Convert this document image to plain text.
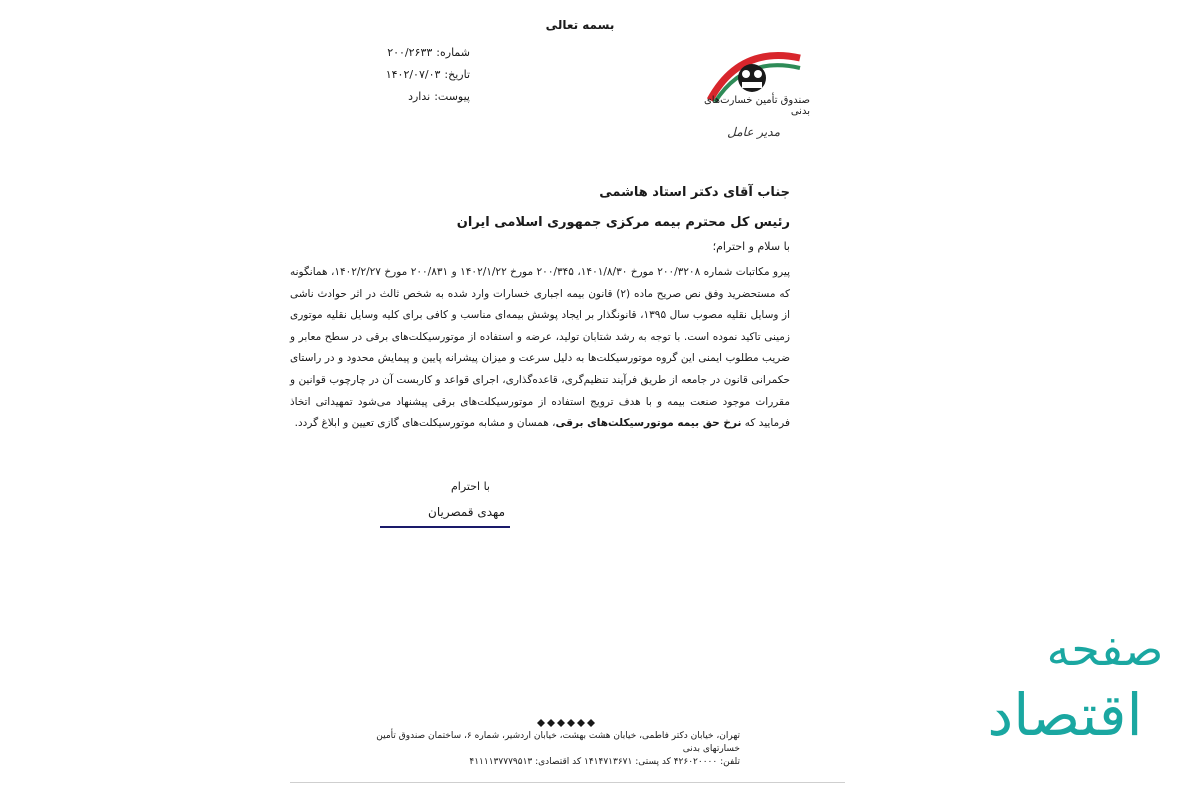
بسمه تعالی
شماره:
۲۰۰/۲۶۳۳
تاریخ:
۱۴۰۲/۰۷/۰۳
پیوست:
ندارد	صندوق تأمین خسارت‌های بدنی
مدیر عامل
جناب آقای دکتر استاد هاشمی
رئیس کل محترم بیمه مرکزی جمهوری اسلامی ایران
با سلام و احترام؛
پیرو مکاتبات شماره ۲۰۰/۳۲۰۸ مورخ ۱۴۰۱/۸/۳۰، ۲۰۰/۳۴۵ مورخ ۱۴۰۲/۱/۲۲ و ۲۰۰/۸۳۱ مورخ ۱۴۰۲/۲/۲۷، همانگونه که مستحضرید وفق نص صریح ماده (۲) قانون بیمه اجباری خسارات وارد شده به شخص ثالث در اثر حوادث ناشی از وسایل نقلیه مصوب سال ۱۳۹۵، قانونگذار بر ایجاد پوشش بیمه‌ای مناسب و کافی برای کلیه وسایل نقلیه موتوری زمینی تاکید نموده است. با توجه به رشد شتابان تولید، عرضه و استفاده از موتورسیکلت‌های برقی در سطح معابر و ضریب مطلوب ایمنی این گروه موتورسیکلت‌ها به دلیل سرعت و میزان پیشرانه پایین و پیمایش محدود و در راستای حکمرانی قانون در جامعه از طریق فرآیند تنظیم‌گری، قاعده‌گذاری، اجرای قواعد و کاربست آن در چارچوب قوانین و مقررات موجود صنعت بیمه و با هدف ترویج استفاده از موتورسیکلت‌های برقی پیشنهاد می‌شود تمهیداتی اتخاذ فرمایید که نرخ حق بیمه موتورسیکلت‌های برقی، همسان و مشابه موتورسیکلت‌های گازی تعیین و ابلاغ گردد.
با احترام
مهدی قمصریان
تهران، خیابان دکتر فاطمی، خیابان هشت بهشت، خیابان اردشیر، شماره ۶، ساختمان صندوق تأمین خسارتهای بدنی
تلفن: ۴۲۶۰۲۰۰۰۰ کد پستی: ۱۴۱۴۷۱۳۶۷۱ کد اقتصادی: ۴۱۱۱۱۳۷۷۷۹۵۱۳
صفحه
اقتصاد
